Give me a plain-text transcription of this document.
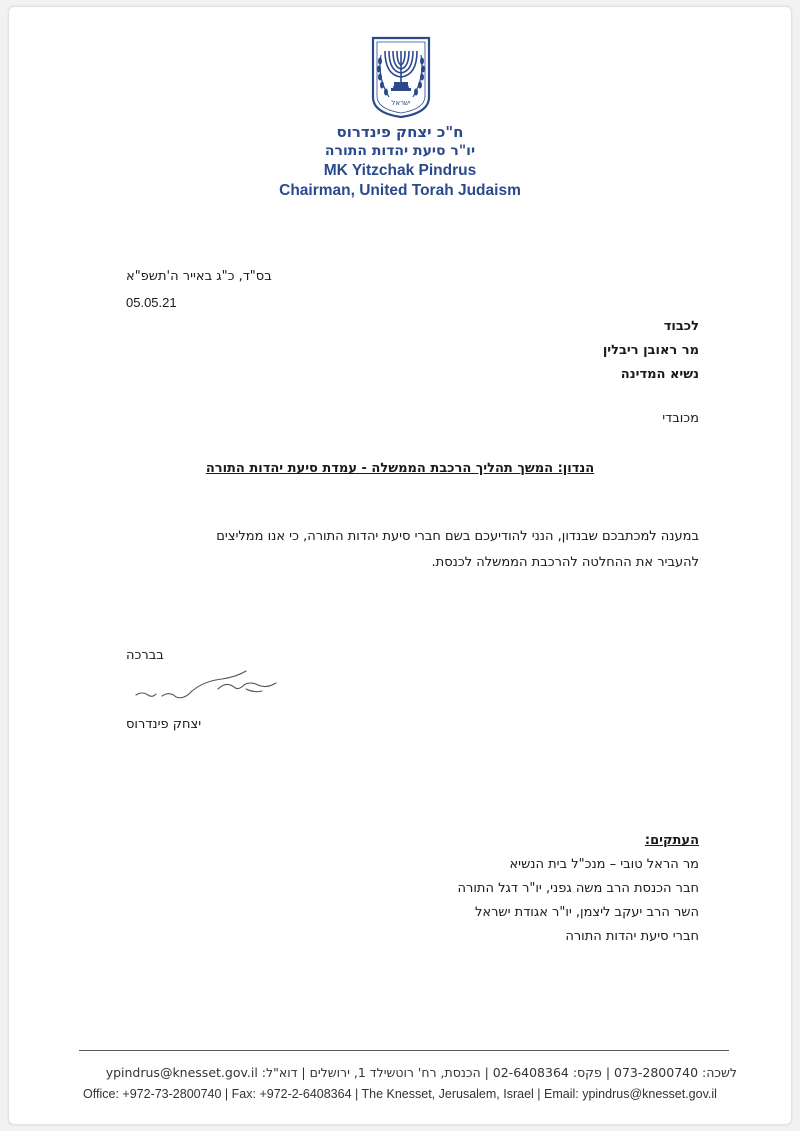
ישראל
ח"כ יצחק פינדרוס
יו"ר סיעת יהדות התורה
MK Yitzchak Pindrus
Chairman, United Torah Judaism
בס"ד, כ"ג באייר ה'תשפ"א
05.05.21
לכבוד
מר ראובן ריבלין
נשיא המדינה
מכובדי
הנדון: המשך תהליך הרכבת הממשלה - עמדת סיעת יהדות התורה
במענה למכתבכם שבנדון, הנני להודיעכם בשם חברי סיעת יהדות התורה, כי אנו ממליצים
להעביר את ההחלטה להרכבת הממשלה לכנסת.
בברכה
יצחק פינדרוס
העתקים:
מר הראל טובי – מנכ"ל בית הנשיא
חבר הכנסת הרב משה גפני, יו"ר דגל התורה
השר הרב יעקב ליצמן, יו"ר אגודת ישראל
חברי סיעת יהדות התורה
לשכה: 073-2800740 | פקס: 02-6408364 | הכנסת, רח' רוטשילד 1, ירושלים | דוא"ל: ypindrus@knesset.gov.il
Office: +972-73-2800740 | Fax: +972-2-6408364 | The Knesset, Jerusalem, Israel | Email: ypindrus@knesset.gov.il
